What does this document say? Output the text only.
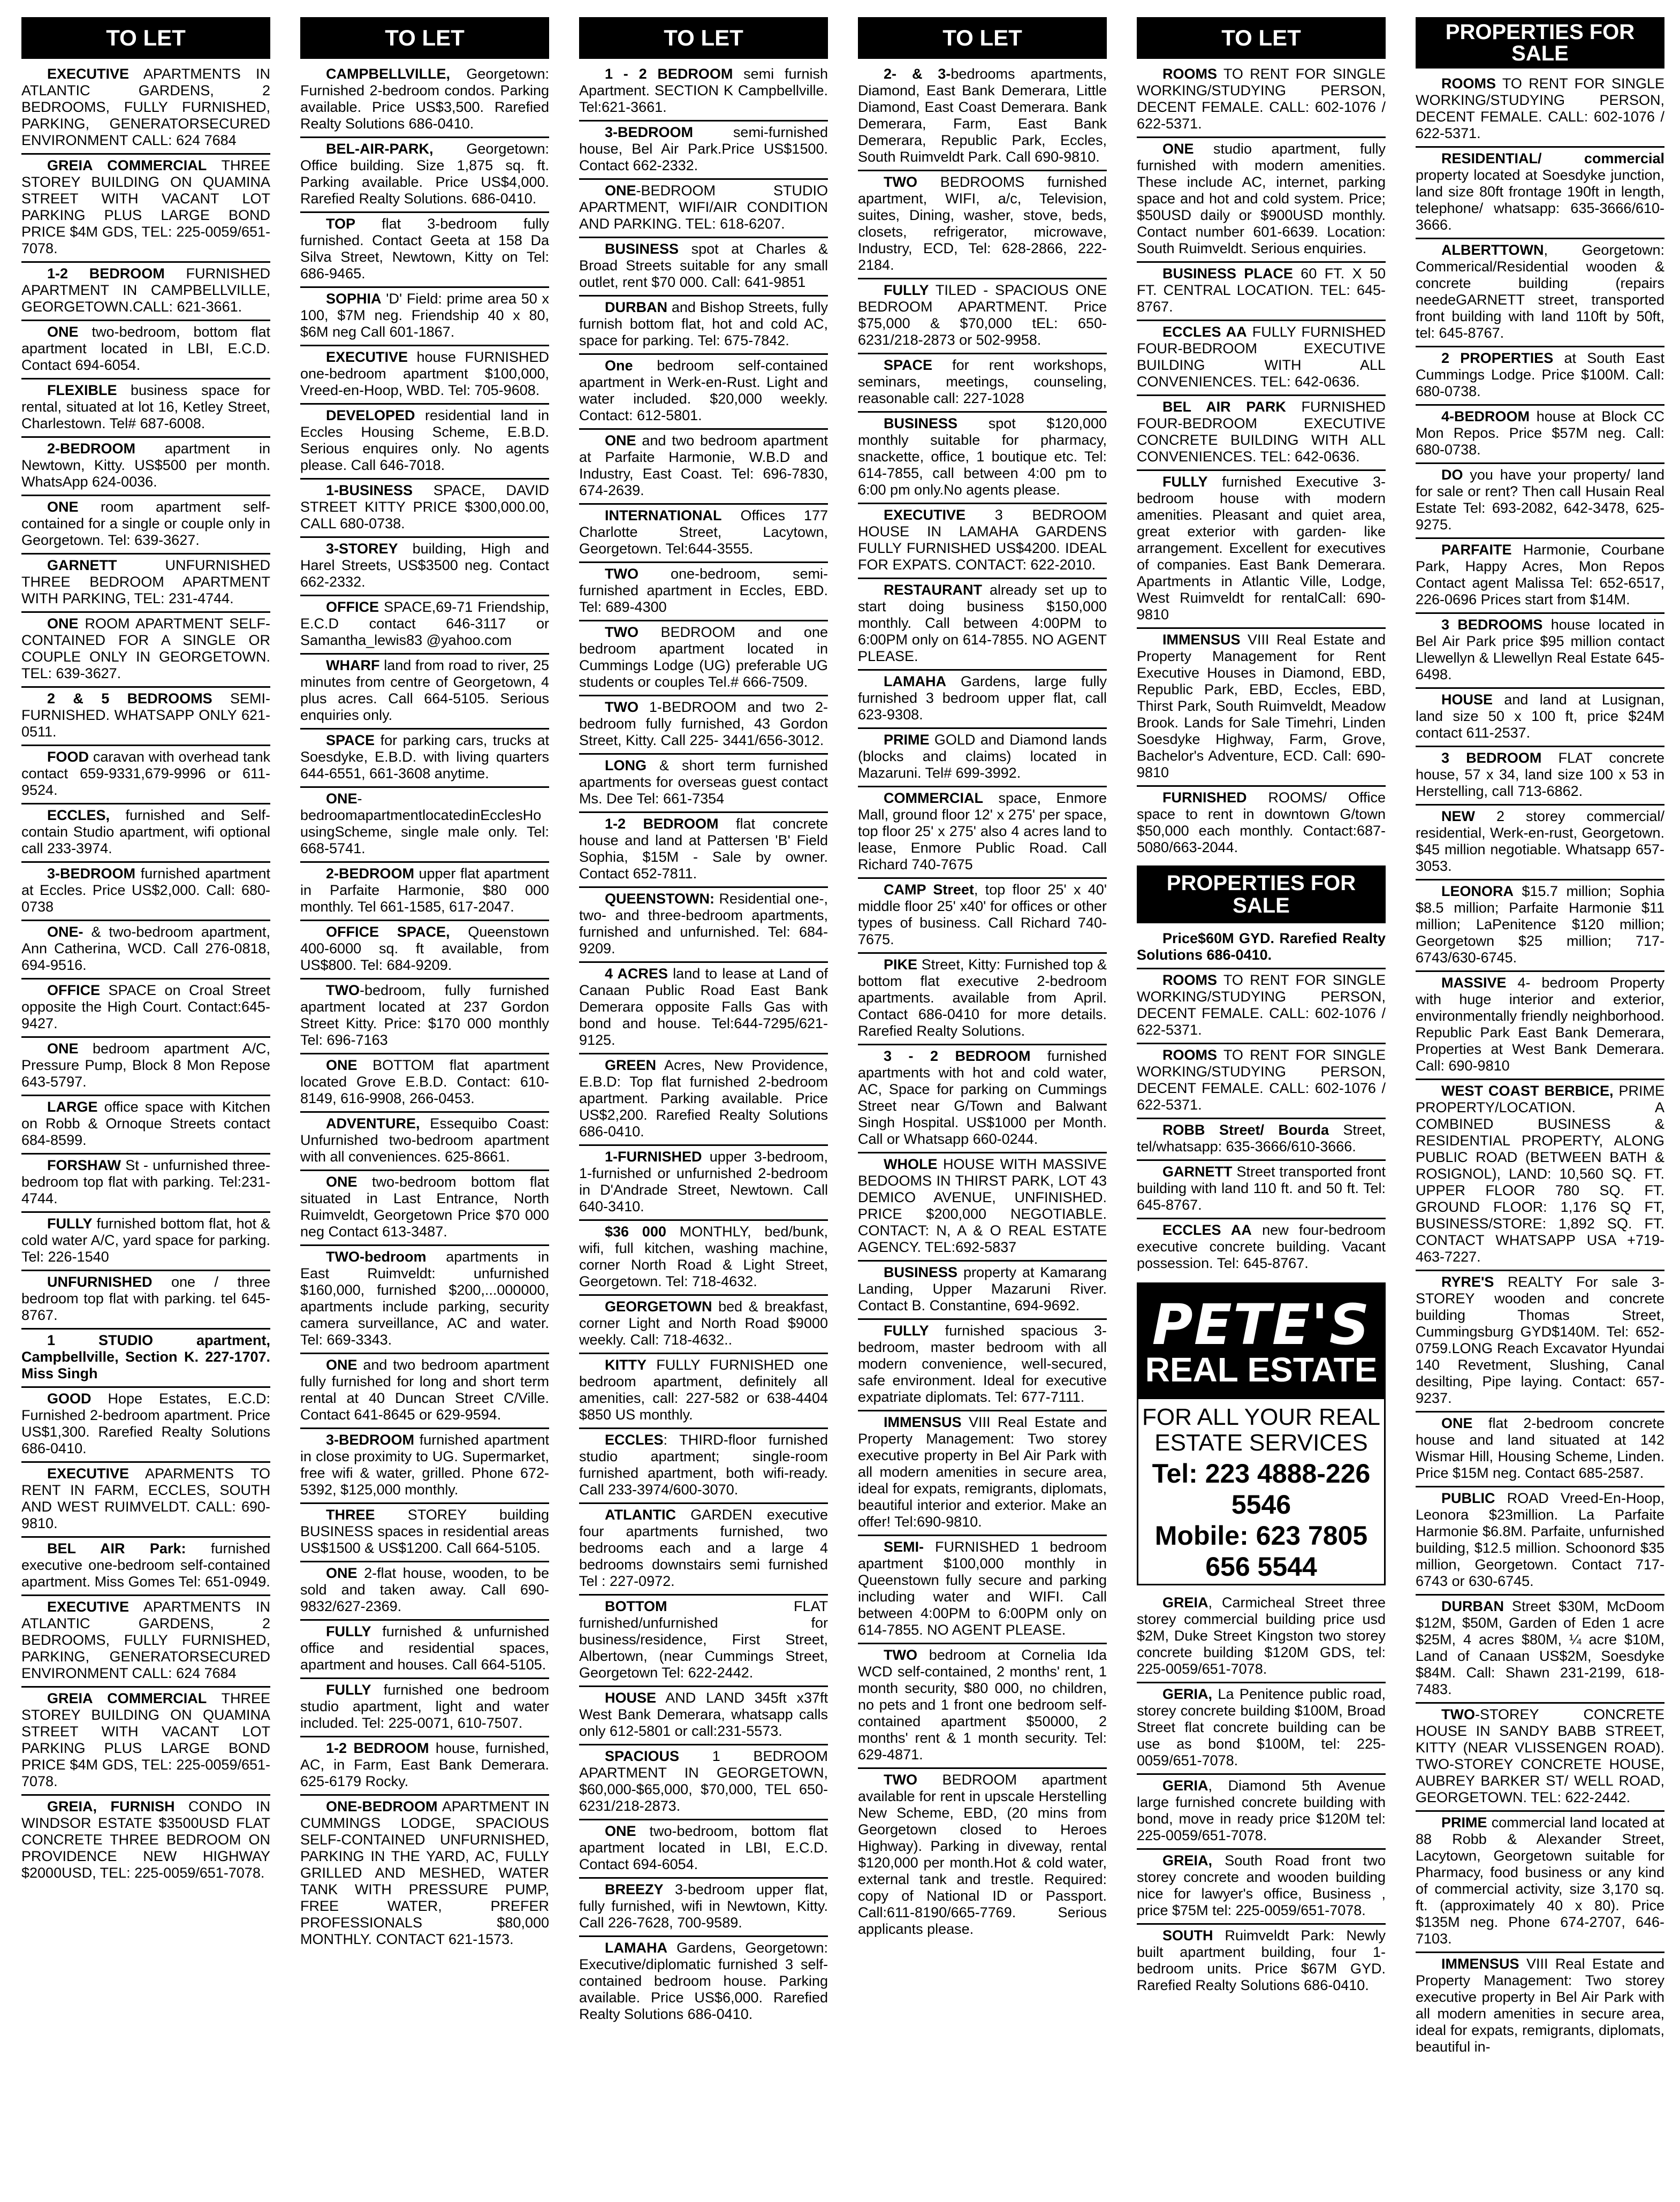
TO LET
EXECUTIVE APARTMENTS IN ATLANTIC GARDENS, 2 BEDROOMS, FULLY FURNISHED, PARKING, GENERATORSECURED ENVIRONMENT CALL: 624 7684
GREIA COMMERCIAL THREE STOREY BUILDING ON QUAMINA STREET WITH VACANT LOT PARKING PLUS LARGE BOND PRICE $4M GDS, TEL: 225-0059/651-7078.
1-2 BEDROOM FURNISHED APARTMENT IN CAMPBELLVILLE, GEORGETOWN.CALL: 621-3661.
ONE two-bedroom, bottom flat apartment located in LBI, E.C.D. Contact 694-6054.
FLEXIBLE business space for rental, situated at lot 16, Ketley Street, Charlestown. Tel# 687-6008.
2-BEDROOM apartment in Newtown, Kitty. US$500 per month. WhatsApp 624-0036.
ONE room apartment self-contained for a single or couple only in Georgetown. Tel: 639-3627.
GARNETT UNFURNISHED THREE BEDROOM APARTMENT WITH PARKING, TEL: 231-4744.
ONE ROOM APARTMENT SELF-CONTAINED FOR A SINGLE OR COUPLE ONLY IN GEORGETOWN. TEL: 639-3627.
2 & 5 BEDROOMS SEMI-FURNISHED. WHATSAPP ONLY 621-0511.
FOOD caravan with overhead tank contact 659-9331,679-9996 or 611-9524.
ECCLES, furnished and Self-contain Studio apartment, wifi optional call 233-3974.
3-BEDROOM furnished apartment at Eccles. Price US$2,000. Call: 680-0738
ONE- & two-bedroom apartment, Ann Catherina, WCD. Call 276-0818, 694-9516.
OFFICE SPACE on Croal Street opposite the High Court. Contact:645-9427.
ONE bedroom apartment A/C, Pressure Pump, Block 8 Mon Repose 643-5797.
LARGE office space with Kitchen on Robb & Ornoque Streets contact 684-8599.
FORSHAW St - unfurnished three-bedroom top flat with parking. Tel:231-4744.
FULLY furnished bottom flat, hot & cold water A/C, yard space for parking. Tel: 226-1540
UNFURNISHED one / three bedroom top flat with parking. tel 645-8767.
1 STUDIO apartment, Campbellville, Section K. 227-1707. Miss Singh
GOOD Hope Estates, E.C.D: Furnished 2-bedroom apartment. Price US$1,300. Rarefied Realty Solutions 686-0410.
EXECUTIVE APARMENTS TO RENT IN FARM, ECCLES, SOUTH AND WEST RUIMVELDT. CALL: 690-9810.
BEL AIR Park: furnished executive one-bedroom self-contained apartment. Miss Gomes Tel: 651-0949.
EXECUTIVE APARTMENTS IN ATLANTIC GARDENS, 2 BEDROOMS, FULLY FURNISHED, PARKING, GENERATORSECURED ENVIRONMENT CALL: 624 7684
GREIA COMMERCIAL THREE STOREY BUILDING ON QUAMINA STREET WITH VACANT LOT PARKING PLUS LARGE BOND PRICE $4M GDS, TEL: 225-0059/651-7078.
GREIA, FURNISH CONDO IN WINDSOR ESTATE $3500USD FLAT CONCRETE THREE BEDROOM ON PROVIDENCE NEW HIGHWAY $2000USD, TEL: 225-0059/651-7078.
TO LET
CAMPBELLVILLE, Georgetown: Furnished 2-bedroom condos. Parking available. Price US$3,500. Rarefied Realty Solutions 686-0410.
BEL-AIR-PARK, Georgetown: Office building. Size 1,875 sq. ft. Parking available. Price US$4,000. Rarefied Realty Solutions. 686-0410.
TOP flat 3-bedroom fully furnished. Contact Geeta at 158 Da Silva Street, Newtown, Kitty on Tel: 686-9465.
SOPHIA 'D' Field: prime area 50 x 100, $7M neg. Friendship 40 x 80, $6M neg Call 601-1867.
EXECUTIVE house FURNISHED one-bedroom apartment $100,000, Vreed-en-Hoop, WBD. Tel: 705-9608.
DEVELOPED residential land in Eccles Housing Scheme, E.B.D. Serious enquires only. No agents please. Call 646-7018.
1-BUSINESS SPACE, DAVID STREET KITTY PRICE $300,000.00, CALL 680-0738.
3-STOREY building, High and Harel Streets, US$3500 neg. Contact 662-2332.
OFFICE SPACE,69-71 Friendship, E.C.D contact 646-3117 or Samantha_lewis83 @yahoo.com
WHARF land from road to river, 25 minutes from centre of Georgetown, 4 plus acres. Call 664-5105. Serious enquiries only.
SPACE for parking cars, trucks at Soesdyke, E.B.D. with living quarters 644-6551, 661-3608 anytime.
ONE-bedroomapartmentlocatedinEcclesHousingScheme, single male only. Tel: 668-5741.
2-BEDROOM upper flat apartment in Parfaite Harmonie, $80 000 monthly. Tel 661-1585, 617-2047.
OFFICE SPACE, Queenstown 400-6000 sq. ft available, from US$800. Tel: 684-9209.
TWO-bedroom, fully furnished apartment located at 237 Gordon Street Kitty. Price: $170 000 monthly Tel: 696-7163
ONE BOTTOM flat apartment located Grove E.B.D. Contact: 610-8149, 616-9908, 266-0453.
ADVENTURE, Essequibo Coast: Unfurnished two-bedroom apartment with all conveniences. 625-8661.
ONE two-bedroom bottom flat situated in Last Entrance, North Ruimveldt, Georgetown Price $70 000 neg Contact 613-3487.
TWO-bedroom apartments in East Ruimveldt: unfurnished $160,000, furnished $200,...000000, apartments include parking, security camera surveillance, AC and water. Tel: 669-3343.
ONE and two bedroom apartment fully furnished for long and short term rental at 40 Duncan Street C/Ville. Contact 641-8645 or 629-9594.
3-BEDROOM furnished apartment in close proximity to UG. Supermarket, free wifi & water, grilled. Phone 672-5392, $125,000 monthly.
THREE STOREY building BUSINESS spaces in residential areas US$1500 & US$1200. Call 664-5105.
ONE 2-flat house, wooden, to be sold and taken away. Call 690-9832/627-2369.
FULLY furnished & unfurnished office and residential spaces, apartment and houses. Call 664-5105.
FULLY furnished one bedroom studio apartment, light and water included. Tel: 225-0071, 610-7507.
1-2 BEDROOM house, furnished, AC, in Farm, East Bank Demerara. 625-6179 Rocky.
ONE-BEDROOM APARTMENT IN CUMMINGS LODGE, SPACIOUS SELF-CONTAINED UNFURNISHED, PARKING IN THE YARD, AC, FULLY GRILLED AND MESHED, WATER TANK WITH PRESSURE PUMP, FREE WATER, PREFER PROFESSIONALS $80,000 MONTHLY. CONTACT 621-1573.
TO LET
1 - 2 BEDROOM semi furnish Apartment. SECTION K Campbellville. Tel:621-3661.
3-BEDROOM semi-furnished house, Bel Air Park.Price US$1500. Contact 662-2332.
ONE-BEDROOM STUDIO APARTMENT, WIFI/AIR CONDITION AND PARKING. TEL: 618-6207.
BUSINESS spot at Charles & Broad Streets suitable for any small outlet, rent $70 000. Call: 641-9851
DURBAN and Bishop Streets, fully furnish bottom flat, hot and cold AC, space for parking. Tel: 675-7842.
One bedroom self-contained apartment in Werk-en-Rust. Light and water included. $20,000 weekly. Contact: 612-5801.
ONE and two bedroom apartment at Parfaite Harmonie, W.B.D and Industry, East Coast. Tel: 696-7830, 674-2639.
INTERNATIONAL Offices 177 Charlotte Street, Lacytown, Georgetown. Tel:644-3555.
TWO one-bedroom, semi-furnished apartment in Eccles, EBD. Tel: 689-4300
TWO BEDROOM and one bedroom apartment located in Cummings Lodge (UG) preferable UG students or couples Tel.# 666-7509.
TWO 1-BEDROOM and two 2-bedroom fully furnished, 43 Gordon Street, Kitty. Call 225- 3441/656-3012.
LONG & short term furnished apartments for overseas guest contact Ms. Dee Tel: 661-7354
1-2 BEDROOM flat concrete house and land at Pattersen 'B' Field Sophia, $15M - Sale by owner. Contact 652-7811.
QUEENSTOWN: Residential one-, two- and three-bedroom apartments, furnished and unfurnished. Tel: 684-9209.
4 ACRES land to lease at Land of Canaan Public Road East Bank Demerara opposite Falls Gas with bond and house. Tel:644-7295/621-9125.
GREEN Acres, New Providence, E.B.D: Top flat furnished 2-bedroom apartment. Parking available. Price US$2,200. Rarefied Realty Solutions 686-0410.
1-FURNISHED upper 3-bedroom, 1-furnished or unfurnished 2-bedroom in D'Andrade Street, Newtown. Call 640-3410.
$36 000 MONTHLY, bed/bunk, wifi, full kitchen, washing machine, corner North Road & Light Street, Georgetown. Tel: 718-4632.
GEORGETOWN bed & breakfast, corner Light and North Road $9000 weekly. Call: 718-4632..
KITTY FULLY FURNISHED one bedroom apartment, definitely all amenities, call: 227-582 or 638-4404 $850 US monthly.
ECCLES: THIRD-floor furnished studio apartment; single-room furnished apartment, both wifi-ready. Call 233-3974/600-3070.
ATLANTIC GARDEN executive four apartments furnished, two bedrooms each and a large 4 bedrooms downstairs semi furnished Tel : 227-0972.
BOTTOM FLAT furnished/unfurnished for business/residence, First Street, Albertown, (near Cummings Street, Georgetown Tel: 622-2442.
HOUSE AND LAND 345ft x37ft West Bank Demerara, whatsapp calls only 612-5801 or call:231-5573.
SPACIOUS 1 BEDROOM APARTMENT IN GEORGETOWN, $60,000-$65,000, $70,000, TEL 650-6231/218-2873.
ONE two-bedroom, bottom flat apartment located in LBI, E.C.D. Contact 694-6054.
BREEZY 3-bedroom upper flat, fully furnished, wifi in Newtown, Kitty. Call 226-7628, 700-9589.
LAMAHA Gardens, Georgetown: Executive/diplomatic furnished 3 self-contained bedroom house. Parking available. Price US$6,000. Rarefied Realty Solutions 686-0410.
TO LET
2- & 3-bedrooms apartments, Diamond, East Bank Demerara, Little Diamond, East Coast Demerara. Bank Demerara, Farm, East Bank Demerara, Republic Park, Eccles, South Ruimveldt Park. Call 690-9810.
TWO BEDROOMS furnished apartment, WIFI, a/c, Television, suites, Dining, washer, stove, beds, closets, refrigerator, microwave, Industry, ECD, Tel: 628-2866, 222-2184.
FULLY TILED - SPACIOUS ONE BEDROOM APARTMENT. Price $75,000 & $70,000 tEL: 650-6231/218-2873 or 502-9958.
SPACE for rent workshops, seminars, meetings, counseling, reasonable call: 227-1028
BUSINESS spot $120,000 monthly suitable for pharmacy, snackette, office, 1 boutique etc. Tel: 614-7855, call between 4:00 pm to 6:00 pm only.No agents please.
EXECUTIVE 3 BEDROOM HOUSE IN LAMAHA GARDENS FULLY FURNISHED US$4200. IDEAL FOR EXPATS. CONTACT: 622-2010.
RESTAURANT already set up to start doing business $150,000 monthly. Call between 4:00PM to 6:00PM only on 614-7855. NO AGENT PLEASE.
LAMAHA Gardens, large fully furnished 3 bedroom upper flat, call 623-9308.
PRIME GOLD and Diamond lands (blocks and claims) located in Mazaruni. Tel# 699-3992.
COMMERCIAL space, Enmore Mall, ground floor 12' x 275' per space, top floor 25' x 275' also 4 acres land to lease, Enmore Public Road. Call Richard 740-7675
CAMP Street, top floor 25' x 40' middle floor 25' x40' for offices or other types of business. Call Richard 740-7675.
PIKE Street, Kitty: Furnished top & bottom flat executive 2-bedroom apartments. available from April. Contact 686-0410 for more details. Rarefied Realty Solutions.
3 - 2 BEDROOM furnished apartments with hot and cold water, AC, Space for parking on Cummings Street near G/Town and Balwant Singh Hospital. US$1000 per Month. Call or Whatsapp 660-0244.
WHOLE HOUSE WITH MASSIVE BEDOOMS IN THIRST PARK, LOT 43 DEMICO AVENUE, UNFINISHED. PRICE $200,000 NEGOTIABLE. CONTACT: N, A & O REAL ESTATE AGENCY. TEL:692-5837
BUSINESS property at Kamarang Landing, Upper Mazaruni River. Contact B. Constantine, 694-9692.
FULLY furnished spacious 3-bedroom, master bedroom with all modern convenience, well-secured, safe environment. Ideal for executive expatriate diplomats. Tel: 677-7111.
IMMENSUS VIII Real Estate and Property Management: Two storey executive property in Bel Air Park with all modern amenities in secure area, ideal for expats, remigrants, diplomats, beautiful interior and exterior. Make an offer! Tel:690-9810.
SEMI- FURNISHED 1 bedroom apartment $100,000 monthly in Queenstown fully secure and parking including water and WIFI. Call between 4:00PM to 6:00PM only on 614-7855. NO AGENT PLEASE.
TWO bedroom at Cornelia Ida WCD self-contained, 2 months' rent, 1 month security, $80 000, no children, no pets and 1 front one bedroom self-contained apartment $50000, 2 months' rent & 1 month security. Tel: 629-4871.
TWO BEDROOM apartment available for rent in upscale Herstelling New Scheme, EBD, (20 mins from Georgetown closed to Heroes Highway). Parking in diveway, rental $120,000 per month.Hot & cold water, external tank and trestle. Required: copy of National ID or Passport. Call:611-8190/665-7769. Serious applicants please.
TO LET
ROOMS TO RENT FOR SINGLE WORKING/STUDYING PERSON, DECENT FEMALE. CALL: 602-1076 / 622-5371.
ONE studio apartment, fully furnished with modern amenities. These include AC, internet, parking space and hot and cold system. Price; $50USD daily or $900USD monthly. Contact number 601-6639. Location: South Ruimveldt. Serious enquiries.
BUSINESS PLACE 60 FT. X 50 FT. CENTRAL LOCATION. TEL: 645-8767.
ECCLES AA FULLY FURNISHED FOUR-BEDROOM EXECUTIVE BUILDING WITH ALL CONVENIENCES. TEL: 642-0636.
BEL AIR PARK FURNISHED FOUR-BEDROOM EXECUTIVE CONCRETE BUILDING WITH ALL CONVENIENCES. TEL: 642-0636.
FULLY furnished Executive 3-bedroom house with modern amenities. Pleasant and quiet area, great exterior with garden- like arrangement. Excellent for executives of companies. East Bank Demerara. Apartments in Atlantic Ville, Lodge, West Ruimveldt for rentalCall: 690-9810
IMMENSUS VIII Real Estate and Property Management for Rent Executive Houses in Diamond, EBD, Republic Park, EBD, Eccles, EBD, Thirst Park, South Ruimveldt, Meadow Brook. Lands for Sale Timehri, Linden Soesdyke Highway, Farm, Grove, Bachelor's Adventure, ECD. Call: 690-9810
FURNISHED ROOMS/ Office space to rent in downtown G/town $50,000 each monthly. Contact:687-5080/663-2044.
PROPERTIES FOR SALE
Price$60M GYD. Rarefied Realty Solutions 686-0410.
ROOMS TO RENT FOR SINGLE WORKING/STUDYING PERSON, DECENT FEMALE. CALL: 602-1076 / 622-5371.
ROOMS TO RENT FOR SINGLE WORKING/STUDYING PERSON, DECENT FEMALE. CALL: 602-1076 / 622-5371.
ROBB Street/ Bourda Street, tel/whatsapp: 635-3666/610-3666.
GARNETT Street transported front building with land 110 ft. and 50 ft. Tel: 645-8767.
ECCLES AA new four-bedroom executive concrete building. Vacant possession. Tel: 645-8767.
PETE'S
REAL ESTATE
FOR ALL YOUR REAL ESTATE SERVICES
Tel: 223 4888-226 5546
Mobile: 623 7805 656 5544
GREIA, Carmicheal Street three storey commercial building price usd $2M, Duke Street Kingston two storey concrete building $120M GDS, tel: 225-0059/651-7078.
GERIA, La Penitence public road, storey concrete building $100M, Broad Street flat concrete building can be use as bond $100M, tel: 225-0059/651-7078.
GERIA, Diamond 5th Avenue large furnished concrete building with bond, move in ready price $120M tel: 225-0059/651-7078.
GREIA, South Road front two storey concrete and wooden building nice for lawyer's office, Business , price $75M tel: 225-0059/651-7078.
SOUTH Ruimveldt Park: Newly built apartment building, four 1-bedroom units. Price $67M GYD. Rarefied Realty Solutions 686-0410.
PROPERTIES FOR SALE
ROOMS TO RENT FOR SINGLE WORKING/STUDYING PERSON, DECENT FEMALE. CALL: 602-1076 / 622-5371.
RESIDENTIAL/ commercial property located at Soesdyke junction, land size 80ft frontage 190ft in length, telephone/ whatsapp: 635-3666/610-3666.
ALBERTTOWN, Georgetown: Commerical/Residential wooden & concrete building (repairs needeGARNETT street, transported front building with land 110ft by 50ft, tel: 645-8767.
2 PROPERTIES at South East Cummings Lodge. Price $100M. Call: 680-0738.
4-BEDROOM house at Block CC Mon Repos. Price $57M neg. Call: 680-0738.
DO you have your property/ land for sale or rent? Then call Husain Real Estate Tel: 693-2082, 642-3478, 625-9275.
PARFAITE Harmonie, Courbane Park, Happy Acres, Mon Repos Contact agent Malissa Tel: 652-6517, 226-0696 Prices start from $14M.
3 BEDROOMS house located in Bel Air Park price $95 million contact Llewellyn & Llewellyn Real Estate 645-6498.
HOUSE and land at Lusignan, land size 50 x 100 ft, price $24M contact 611-2537.
3 BEDROOM FLAT concrete house, 57 x 34, land size 100 x 53 in Herstelling, call 713-6862.
NEW 2 storey commercial/ residential, Werk-en-rust, Georgetown. $45 million negotiable. Whatsapp 657-3053.
LEONORA $15.7 million; Sophia $8.5 million; Parfaite Harmonie $11 million; LaPenitence $120 million; Georgetown $25 million; 717-6743/630-6745.
MASSIVE 4- bedroom Property with huge interior and exterior, environmentally friendly neighborhood. Republic Park East Bank Demerara, Properties at West Bank Demerara. Call: 690-9810
WEST COAST BERBICE, PRIME PROPERTY/LOCATION. A COMBINED BUSINESS & RESIDENTIAL PROPERTY, ALONG PUBLIC ROAD (BETWEEN BATH & ROSIGNOL), LAND: 10,560 SQ. FT. UPPER FLOOR 780 SQ. FT. GROUND FLOOR: 1,176 SQ FT, BUSINESS/STORE: 1,892 SQ. FT. CONTACT WHATSAPP USA +719-463-7227.
RYRE'S REALTY For sale 3-STOREY wooden and concrete building Thomas Street, Cummingsburg GYD$140M. Tel: 652-0759.LONG Reach Excavator Hyundai 140 Revetment, Slushing, Canal desilting, Pipe laying. Contact: 657-9237.
ONE flat 2-bedroom concrete house and land situated at 142 Wismar Hill, Housing Scheme, Linden. Price $15M neg. Contact 685-2587.
PUBLIC ROAD Vreed-En-Hoop, Leonora $23million. La Parfaite Harmonie $6.8M. Parfaite, unfurnished building, $12.5 million. Schoonord $35 million, Georgetown. Contact 717-6743 or 630-6745.
DURBAN Street $30M, McDoom $12M, $50M, Garden of Eden 1 acre $25M, 4 acres $80M, ¼ acre $10M, Land of Canaan US$2M, Soesdyke $84M. Call: Shawn 231-2199, 618-7483.
TWO-STOREY CONCRETE HOUSE IN SANDY BABB STREET, KITTY (NEAR VLISSENGEN ROAD). TWO-STOREY CONCRETE HOUSE, AUBREY BARKER ST/ WELL ROAD, GEORGETOWN. TEL: 622-2442.
PRIME commercial land located at 88 Robb & Alexander Street, Lacytown, Georgetown suitable for Pharmacy, food business or any kind of commercial activity, size 3,170 sq. ft. (approximately 40 x 80). Price $135M neg. Phone 674-2707, 646-7103.
IMMENSUS VIII Real Estate and Property Management: Two storey executive property in Bel Air Park with all modern amenities in secure area, ideal for expats, remigrants, diplomats, beautiful in-
